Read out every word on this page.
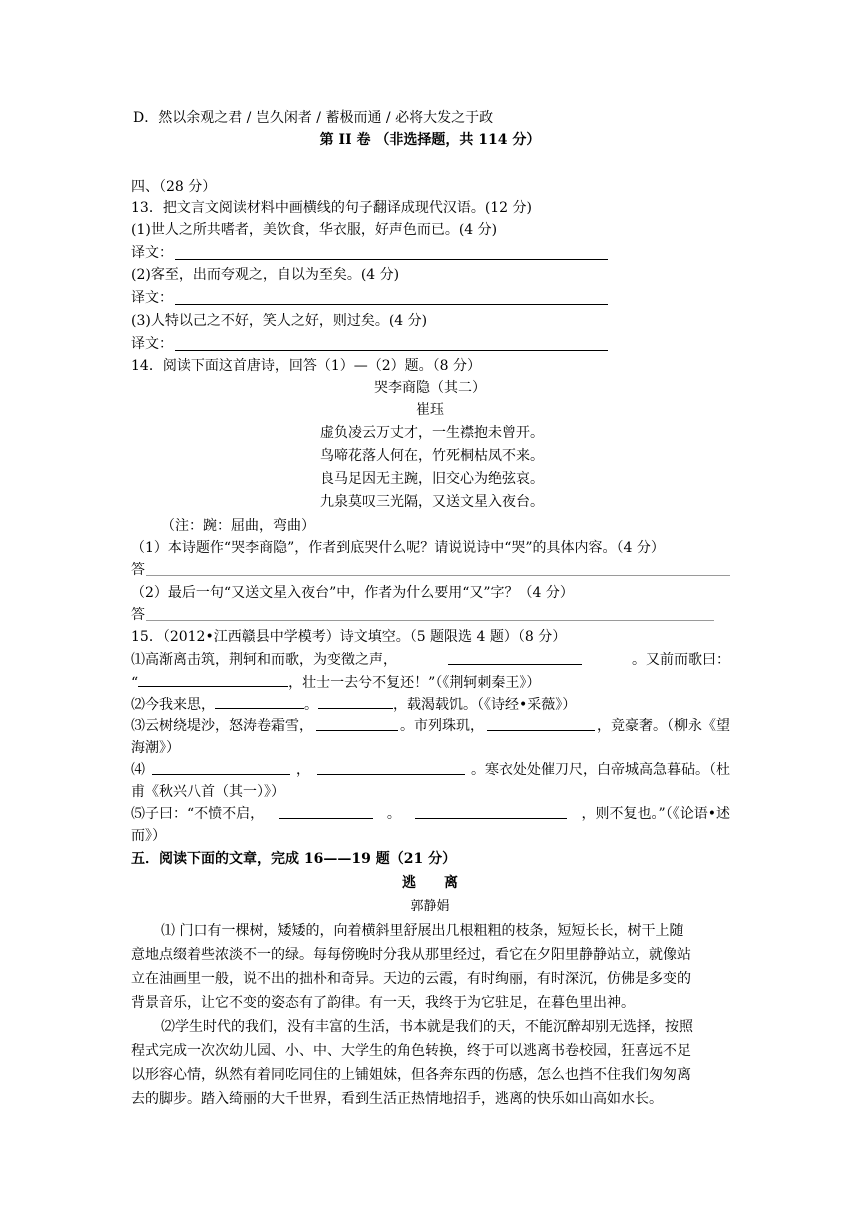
D．然以余观之君 / 岂久闲者 / 蓄极而通 / 必将大发之于政
第 II 卷 （非选择题，共 114 分）
四、（28 分）
13．把文言文阅读材料中画横线的句子翻译成现代汉语。(12 分)
(1)世人之所共嗜者，美饮食，华衣服，好声色而已。(4 分)
译文：
(2)客至，出而夸观之，自以为至矣。(4 分)
译文：
(3)人特以己之不好，笑人之好，则过矣。(4 分)
译文：
14．阅读下面这首唐诗，回答（1）—（2）题。（8 分）
哭李商隐（其二）
崔珏
虚负凌云万丈才，一生襟抱未曾开。
鸟啼花落人何在，竹死桐枯凤不来。
良马足因无主踠，旧交心为绝弦哀。
九泉莫叹三光隔，又送文星入夜台。
（注：踠：屈曲，弯曲）
（1）本诗题作“哭李商隐”，作者到底哭什么呢？请说说诗中“哭”的具体内容。（4 分）
答
（2）最后一句“又送文星入夜台”中，作者为什么要用“又”字？（4 分）
答
15．（2012•江西赣县中学模考）诗文填空。（5 题限选 4 题）（8 分）
⑴高渐离击筑，荆轲和而歌，为变徵之声，	。又前而歌曰：
“	，壮士一去兮不复还！”（《荆轲刺秦王》）
⑵今我来思，	。	，载渴载饥。（《诗经•采薇》）
⑶云树绕堤沙，怒涛卷霜雪，	。市列珠玑，	，竞豪奢。（柳永《望
海潮》）
⑷	，	。寒衣处处催刀尺，白帝城高急暮砧。（杜
甫《秋兴八首（其一）》）
⑸子曰：“不愤不启，	。	，则不复也。”（《论语•述
而》）
五．阅读下面的文章，完成 16——19 题（21 分）
逃　　离
郭静娟
⑴ 门口有一棵树，矮矮的，向着横斜里舒展出几根粗粗的枝条，短短长长，树干上随
意地点缀着些浓淡不一的绿。每每傍晚时分我从那里经过，看它在夕阳里静静站立，就像站
立在油画里一般，说不出的拙朴和奇异。天边的云霞，有时绚丽，有时深沉，仿佛是多变的
背景音乐，让它不变的姿态有了韵律。有一天，我终于为它驻足，在暮色里出神。
⑵学生时代的我们，没有丰富的生活，书本就是我们的天，不能沉醉却别无选择，按照
程式完成一次次幼儿园、小、中、大学生的角色转换，终于可以逃离书卷校园，狂喜远不足
以形容心情，纵然有着同吃同住的上铺姐妹，但各奔东西的伤感，怎么也挡不住我们匆匆离
去的脚步。踏入绮丽的大千世界，看到生活正热情地招手，逃离的快乐如山高如水长。
